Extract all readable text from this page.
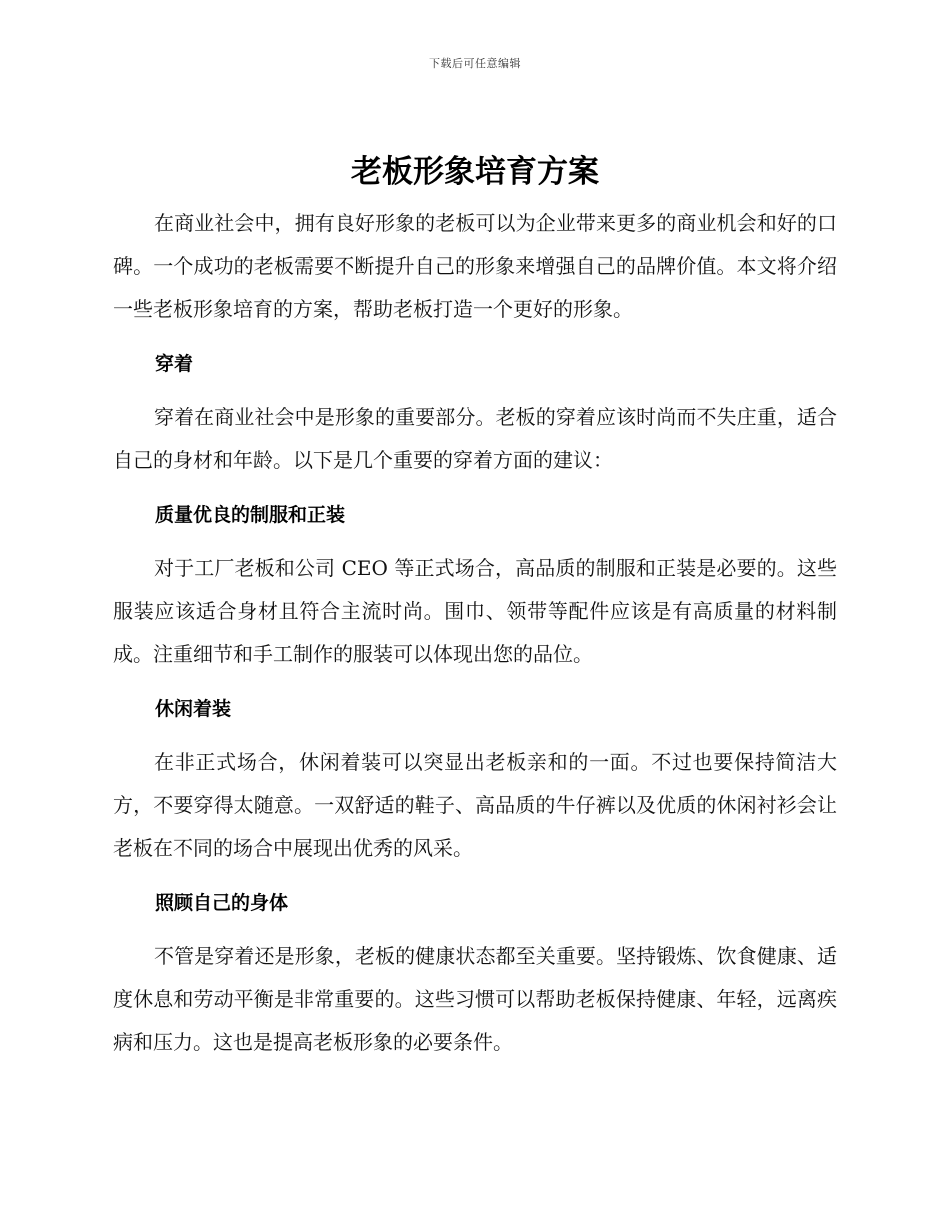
下载后可任意编辑
老板形象培育方案

在商业社会中，拥有良好形象的老板可以为企业带来更多的商业机会和好的口碑。一个成功的老板需要不断提升自己的形象来增强自己的品牌价值。本文将介绍一些老板形象培育的方案，帮助老板打造一个更好的形象。

穿着

穿着在商业社会中是形象的重要部分。老板的穿着应该时尚而不失庄重，适合自己的身材和年龄。以下是几个重要的穿着方面的建议：

质量优良的制服和正装

对于工厂老板和公司 CEO 等正式场合，高品质的制服和正装是必要的。这些服装应该适合身材且符合主流时尚。围巾、领带等配件应该是有高质量的材料制成。注重细节和手工制作的服装可以体现出您的品位。

休闲着装

在非正式场合，休闲着装可以突显出老板亲和的一面。不过也要保持简洁大方，不要穿得太随意。一双舒适的鞋子、高品质的牛仔裤以及优质的休闲衬衫会让老板在不同的场合中展现出优秀的风采。

照顾自己的身体

不管是穿着还是形象，老板的健康状态都至关重要。坚持锻炼、饮食健康、适度休息和劳动平衡是非常重要的。这些习惯可以帮助老板保持健康、年轻，远离疾病和压力。这也是提高老板形象的必要条件。
